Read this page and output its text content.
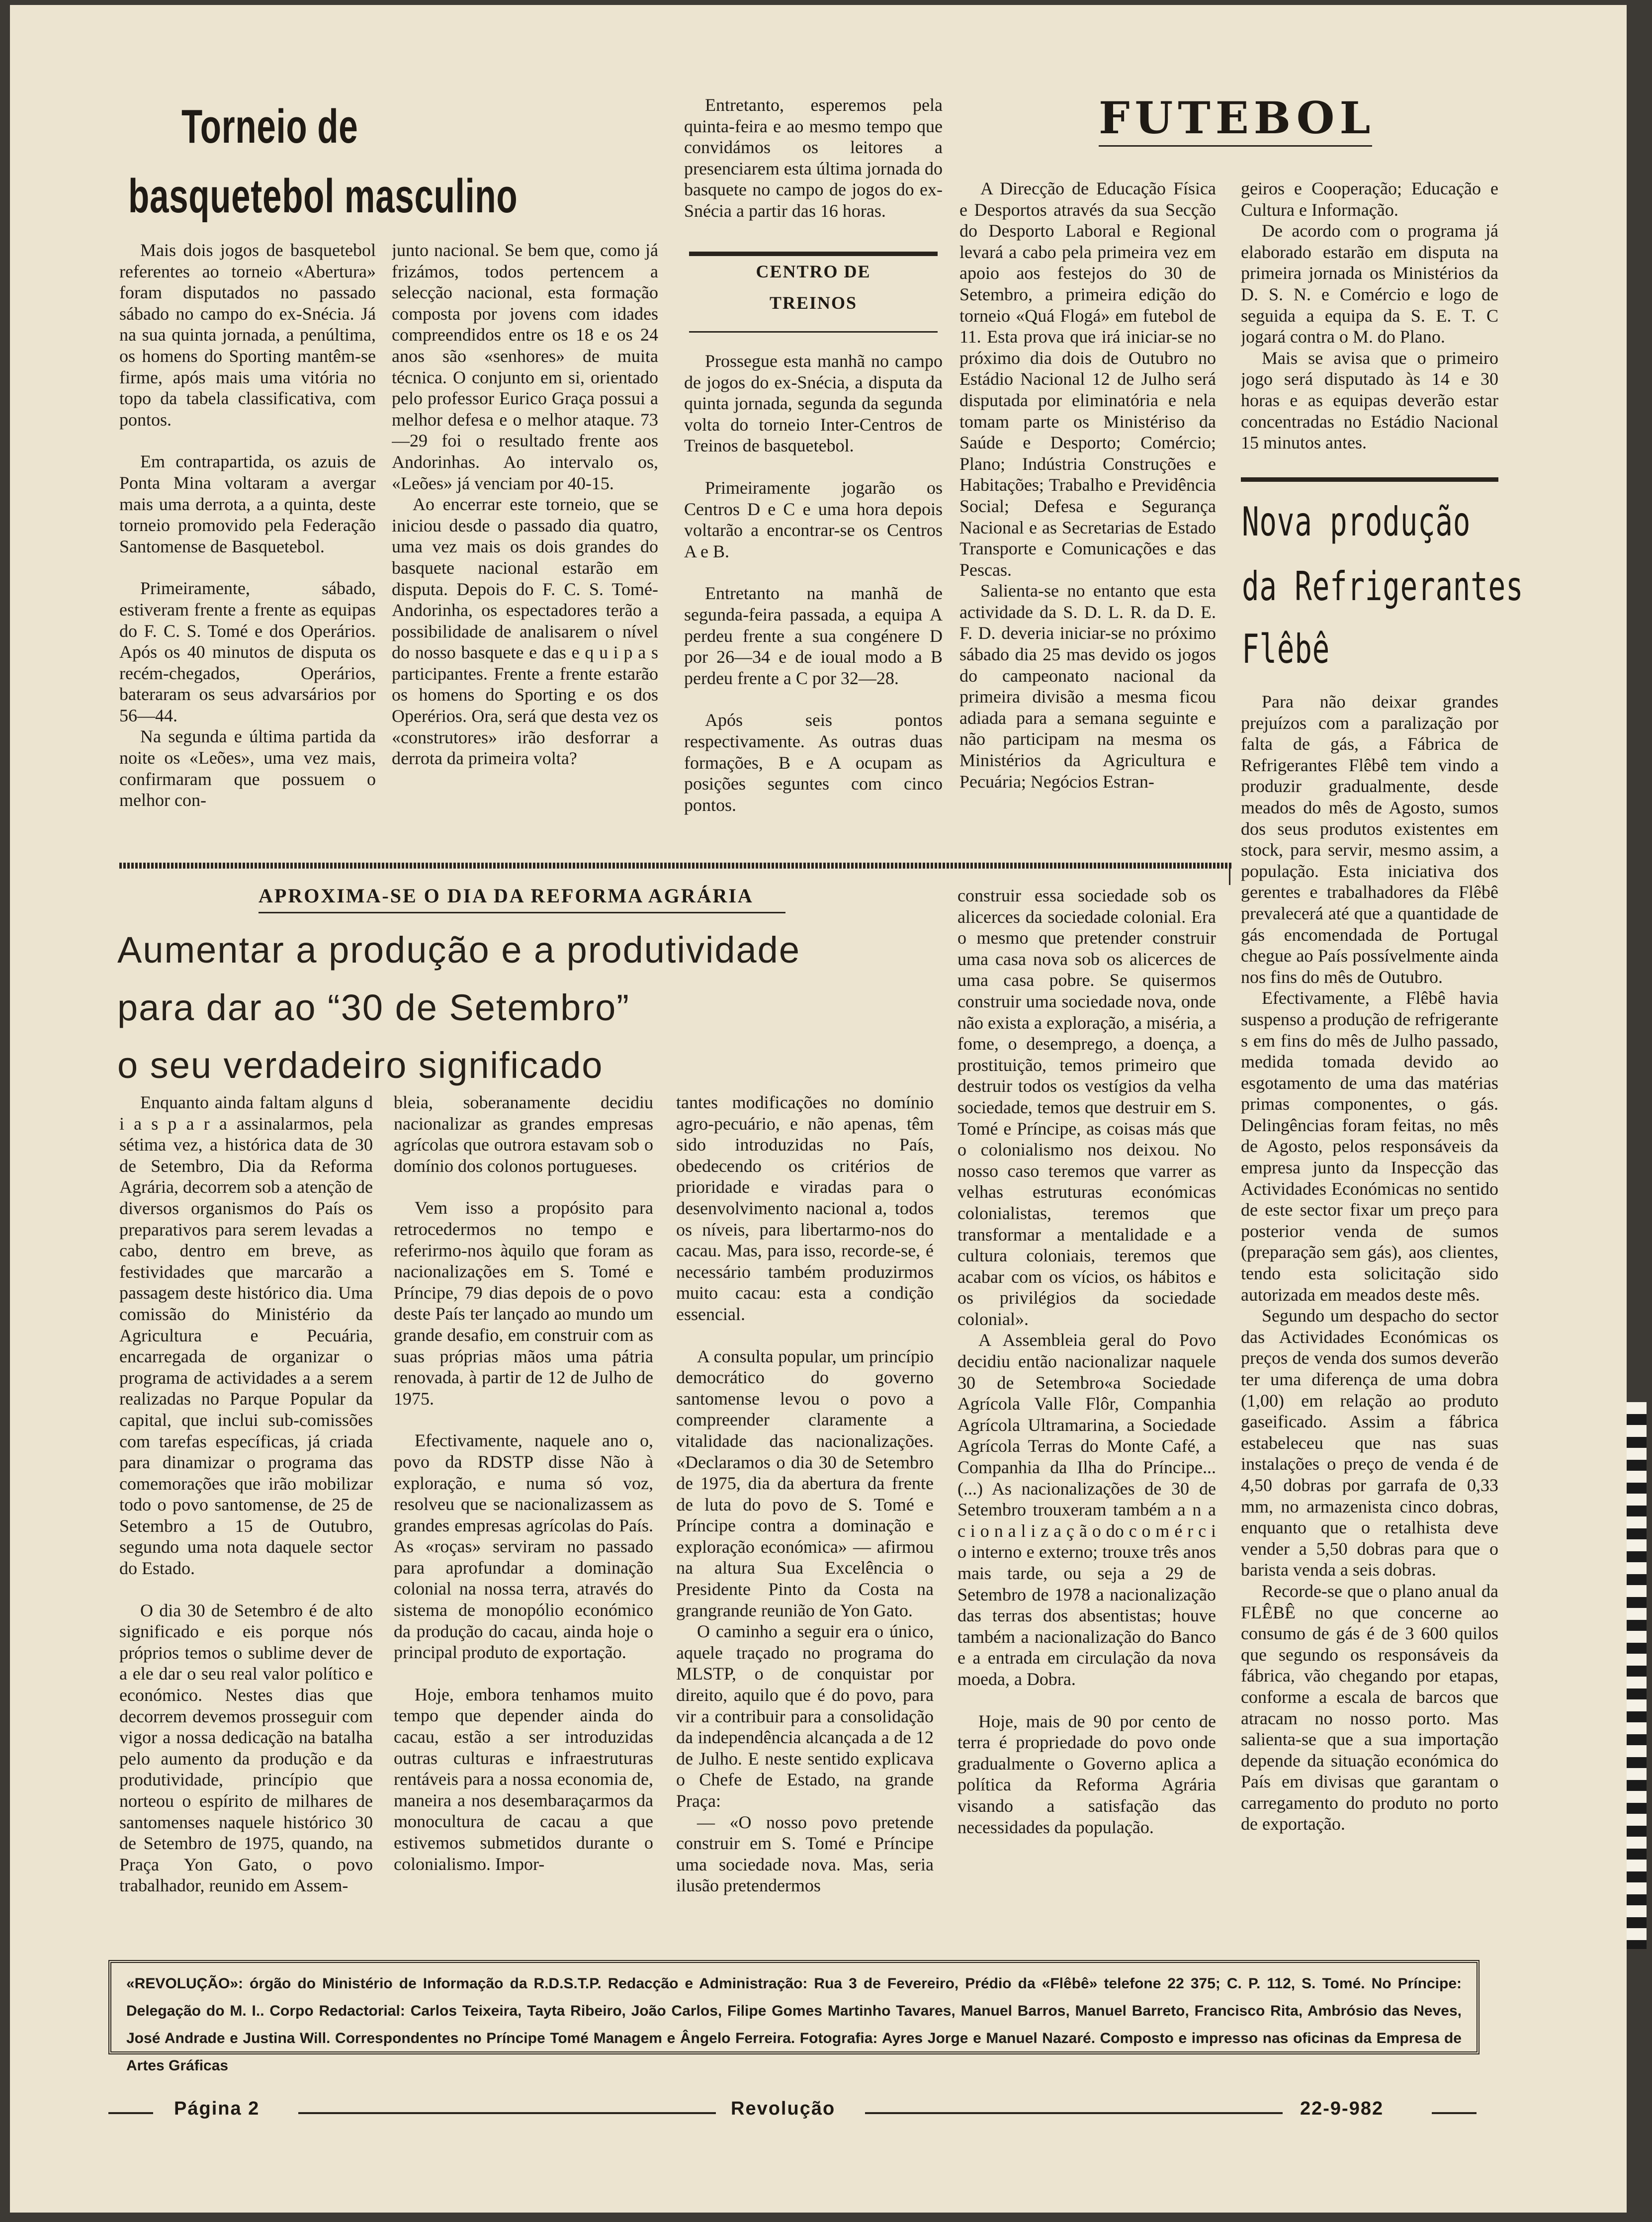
Torneio de
basquetebol masculino

Mais dois jogos de basquetebol referentes ao torneio «Abertura» foram disputados no passado sábado no campo do ex-Snécia. Já na sua quinta jornada, a penúltima, os homens do Sporting mantêm-se firme, após mais uma vitória no topo da tabela classificativa, com pontos.

Em contrapartida, os azuis de Ponta Mina voltaram a avergar mais uma derrota, a a quinta, deste torneio promovido pela Federação Santomense de Basquetebol.

Primeiramente, sábado, estiveram frente a frente as equipas do F. C. S. Tomé e dos Operários. Após os 40 minutos de disputa os recém-chegados, Operários, bateraram os seus advarsários por 56—44.

Na segunda e última partida da noite os «Leões», uma vez mais, confirmaram que possuem o melhor con-

junto nacional. Se bem que, como já frizámos, todos pertencem a selecção nacional, esta formação composta por jovens com idades compreendidos entre os 18 e os 24 anos são «senhores» de muita técnica. O conjunto em si, orientado pelo professor Eurico Graça possui a melhor defesa e o melhor ataque. 73—29 foi o resultado frente aos Andorinhas. Ao intervalo os, «Leões» já venciam por 40-15.

Ao encerrar este torneio, que se iniciou desde o passado dia quatro, uma vez mais os dois grandes do basquete nacional estarão em disputa. Depois do F. C. S. Tomé-Andorinha, os espectadores terão a possibilidade de analisarem o nível do nosso basquete e das e q u i p a s participantes. Frente a frente estarão os homens do Sporting e os dos Operérios. Ora, será que desta vez os «construtores» irão desforrar a derrota da primeira volta?

Entretanto, esperemos pela quinta-feira e ao mesmo tempo que convidámos os leitores a presenciarem esta última jornada do basquete no campo de jogos do ex-Snécia a partir das 16 horas.

CENTRO DE
TREINOS

Prossegue esta manhã no campo de jogos do ex-Snécia, a disputa da quinta jornada, segunda da segunda volta do torneio Inter-Centros de Treinos de basquetebol.

Primeiramente jogarão os Centros D e C e uma hora depois voltarão a encontrar-se os Centros A e B.

Entretanto na manhã de segunda-feira passada, a equipa A perdeu frente a sua congénere D por 26—34 e de ioual modo a B perdeu frente a C por 32—28.

Após seis pontos respectivamente. As outras duas formações, B e A ocupam as posições seguntes com cinco pontos.

FUTEBOL

A Direcção de Educação Física e Desportos através da sua Secção do Desporto Laboral e Regional levará a cabo pela primeira vez em apoio aos festejos do 30 de Setembro, a primeira edição do torneio «Quá Flogá» em futebol de 11. Esta prova que irá iniciar-se no próximo dia dois de Outubro no Estádio Nacional 12 de Julho será disputada por eliminatória e nela tomam parte os Ministériso da Saúde e Desporto; Comércio; Plano; Indústria Construções e Habitações; Trabalho e Previdência Social; Defesa e Segurança Nacional e as Secretarias de Estado Transporte e Comunicações e das Pescas.

Salienta-se no entanto que esta actividade da S. D. L. R. da D. E. F. D. deveria iniciar-se no próximo sábado dia 25 mas devido os jogos do campeonato nacional da primeira divisão a mesma ficou adiada para a semana seguinte e não participam na mesma os Ministérios da Agricultura e Pecuária; Negócios Estran-

geiros e Cooperação; Educação e Cultura e Informação.

De acordo com o programa já elaborado estarão em disputa na primeira jornada os Ministérios da D. S. N. e Comércio e logo de seguida a equipa da S. E. T. C jogará contra o M. do Plano.

Mais se avisa que o primeiro jogo será disputado às 14 e 30 horas e as equipas deverão estar concentradas no Estádio Nacional 15 minutos antes.

Nova produção
da Refrigerantes
Flêbê

Para não deixar grandes prejuízos com a paralização por falta de gás, a Fábrica de Refrigerantes Flêbê tem vindo a produzir gradualmente, desde meados do mês de Agosto, sumos dos seus produtos existentes em stock, para servir, mesmo assim, a população. Esta iniciativa dos gerentes e trabalhadores da Flêbê prevalecerá até que a quantidade de gás encomendada de Portugal chegue ao País possívelmente ainda nos fins do mês de Outubro.

Efectivamente, a Flêbê havia suspenso a produção de refrigerante s em fins do mês de Julho passado, medida tomada devido ao esgotamento de uma das matérias primas componentes, o gás. Delingências foram feitas, no mês de Agosto, pelos responsáveis da empresa junto da Inspecção das Actividades Económicas no sentido de este sector fixar um preço para posterior venda de sumos (preparação sem gás), aos clientes, tendo esta solicitação sido autorizada em meados deste mês.

Segundo um despacho do sector das Actividades Económicas os preços de venda dos sumos deverão ter uma diferença de uma dobra (1,00) em relação ao produto gaseificado. Assim a fábrica estabeleceu que nas suas instalações o preço de venda é de 4,50 dobras por garrafa de 0,33 mm, no armazenista cinco dobras, enquanto que o retalhista deve vender a 5,50 dobras para que o barista venda a seis dobras.

Recorde-se que o plano anual da FLÊBÊ no que concerne ao consumo de gás é de 3 600 quilos que segundo os responsáveis da fábrica, vão chegando por etapas, conforme a escala de barcos que atracam no nosso porto. Mas salienta-se que a sua importação depende da situação económica do País em divisas que garantam o carregamento do produto no porto de exportação.

APROXIMA-SE O DIA DA REFORMA AGRÁRIA
Aumentar a produção e a produtividade
para dar ao “30 de Setembro”
o seu verdadeiro significado

Enquanto ainda faltam alguns d i a s p a r a assinalarmos, pela sétima vez, a histórica data de 30 de Setembro, Dia da Reforma Agrária, decorrem sob a atenção de diversos organismos do País os preparativos para serem levadas a cabo, dentro em breve, as festividades que marcarão a passagem deste histórico dia. Uma comissão do Ministério da Agricultura e Pecuária, encarregada de organizar o programa de actividades a a serem realizadas no Parque Popular da capital, que inclui sub-comissões com tarefas específicas, já criada para dinamizar o programa das comemorações que irão mobilizar todo o povo santomense, de 25 de Setembro a 15 de Outubro, segundo uma nota daquele sector do Estado.

O dia 30 de Setembro é de alto significado e eis porque nós próprios temos o sublime dever de a ele dar o seu real valor político e económico. Nestes dias que decorrem devemos prosseguir com vigor a nossa dedicação na batalha pelo aumento da produção e da produtividade, princípio que norteou o espírito de milhares de santomenses naquele histórico 30 de Setembro de 1975, quando, na Praça Yon Gato, o povo trabalhador, reunido em Assem-

bleia, soberanamente decidiu nacionalizar as grandes empresas agrícolas que outrora estavam sob o domínio dos colonos portugueses.

Vem isso a propósito para retrocedermos no tempo e referirmo-nos àquilo que foram as nacionalizações em S. Tomé e Príncipe, 79 dias depois de o povo deste País ter lançado ao mundo um grande desafio, em construir com as suas próprias mãos uma pátria renovada, à partir de 12 de Julho de 1975.

Efectivamente, naquele ano o, povo da RDSTP disse Não à exploração, e numa só voz, resolveu que se nacionalizassem as grandes empresas agrícolas do País. As «roças» serviram no passado para aprofundar a dominação colonial na nossa terra, através do sistema de monopólio económico da produção do cacau, ainda hoje o principal produto de exportação.

Hoje, embora tenhamos muito tempo que depender ainda do cacau, estão a ser introduzidas outras culturas e infraestruturas rentáveis para a nossa economia de, maneira a nos desembaraçarmos da monocultura de cacau a que estivemos submetidos durante o colonialismo. Impor-

tantes modificações no domínio agro-pecuário, e não apenas, têm sido introduzidas no País, obedecendo os critérios de prioridade e viradas para o desenvolvimento nacional a, todos os níveis, para libertarmo-nos do cacau. Mas, para isso, recorde-se, é necessário também produzirmos muito cacau: esta a condição essencial.

A consulta popular, um princípio democrático do governo santomense levou o povo a compreender claramente a vitalidade das nacionalizações. «Declaramos o dia 30 de Setembro de 1975, dia da abertura da frente de luta do povo de S. Tomé e Príncipe contra a dominação e exploração económica» — afirmou na altura Sua Excelência o Presidente Pinto da Costa na grangrande reunião de Yon Gato.

O caminho a seguir era o único, aquele traçado no programa do MLSTP, o de conquistar por direito, aquilo que é do povo, para vir a contribuir para a consolidação da independência alcançada a de 12 de Julho. E neste sentido explicava o Chefe de Estado, na grande Praça:

— «O nosso povo pretende construir em S. Tomé e Príncipe uma sociedade nova. Mas, seria ilusão pretendermos

construir essa sociedade sob os alicerces da sociedade colonial. Era o mesmo que pretender construir uma casa nova sob os alicerces de uma casa pobre. Se quisermos construir uma sociedade nova, onde não exista a exploração, a miséria, a fome, o desemprego, a doença, a prostituição, temos primeiro que destruir todos os vestígios da velha sociedade, temos que destruir em S. Tomé e Príncipe, as coisas más que o colonialismo nos deixou. No nosso caso teremos que varrer as velhas estruturas económicas colonialistas, teremos que transformar a mentalidade e a cultura coloniais, teremos que acabar com os vícios, os hábitos e os privilégios da sociedade colonial».

A Assembleia geral do Povo decidiu então nacionalizar naquele 30 de Setembro«a Sociedade Agrícola Valle Flôr, Companhia Agrícola Ultramarina, a Sociedade Agrícola Terras do Monte Café, a Companhia da Ilha do Príncipe... (...) As nacionalizações de 30 de Setembro trouxeram também a n a c i o n a l i z a ç ã o do c o m é r c i o interno e externo; trouxe três anos mais tarde, ou seja a 29 de Setembro de 1978 a nacionalização das terras dos absentistas; houve também a nacionalização do Banco e a entrada em circulação da nova moeda, a Dobra.

Hoje, mais de 90 por cento de terra é propriedade do povo onde gradualmente o Governo aplica a política da Reforma Agrária visando a satisfação das necessidades da população.

«REVOLUÇÃO»: órgão do Ministério de Informação da R.D.S.T.P. Redacção e Administração: Rua 3 de Fevereiro, Prédio da «Flêbê» telefone 22 375; C. P. 112, S. Tomé. No Príncipe: Delegação do M. I.. Corpo Redactorial: Carlos Teixeira, Tayta Ribeiro, João Carlos, Filipe Gomes Martinho Tavares, Manuel Barros, Manuel Barreto, Francisco Rita, Ambrósio das Neves, José Andrade e Justina Will. Correspondentes no Príncipe Tomé Managem e Ângelo Ferreira. Fotografia: Ayres Jorge e Manuel Nazaré. Composto e impresso nas oficinas da Empresa de Artes Gráficas
Página 2	Revolução	22-9-982
